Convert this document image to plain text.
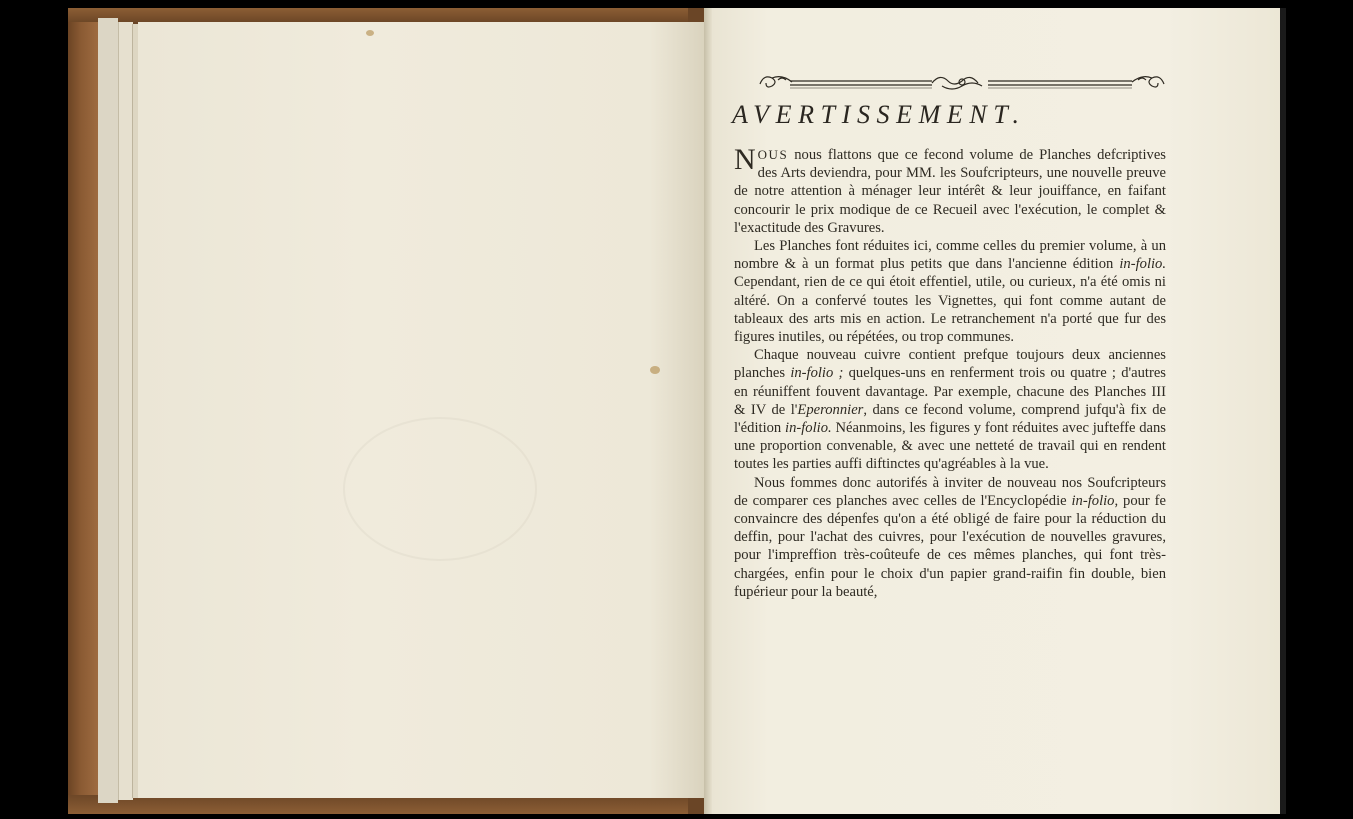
AVERTISSEMENT.

NOUS nous flattons que ce fecond volume de Planches defcriptives des Arts deviendra, pour MM. les Soufcripteurs, une nouvelle preuve de notre attention à ménager leur intérêt & leur jouiffance, en faifant concourir le prix modique de ce Recueil avec l'exécution, le complet & l'exactitude des Gravures.

Les Planches font réduites ici, comme celles du premier volume, à un nombre & à un format plus petits que dans l'ancienne édition in-folio. Cependant, rien de ce qui étoit effentiel, utile, ou curieux, n'a été omis ni altéré. On a confervé toutes les Vignettes, qui font comme autant de tableaux des arts mis en action. Le retranchement n'a porté que fur des figures inutiles, ou répétées, ou trop communes.

Chaque nouveau cuivre contient prefque toujours deux anciennes planches in-folio ; quelques-uns en renferment trois ou quatre ; d'autres en réuniffent fouvent davantage. Par exemple, chacune des Planches III & IV de l'Eperonnier, dans ce fecond volume, comprend jufqu'à fix de l'édition in-folio. Néanmoins, les figures y font réduites avec jufteffe dans une proportion convenable, & avec une netteté de travail qui en rendent toutes les parties auffi diftinctes qu'agréables à la vue.

Nous fommes donc autorifés à inviter de nouveau nos Soufcripteurs de comparer ces planches avec celles de l'Encyclopédie in-folio, pour fe convaincre des dépenfes qu'on a été obligé de faire pour la réduction du deffin, pour l'achat des cuivres, pour l'exécution de nouvelles gravures, pour l'impreffion très-coûteufe de ces mêmes planches, qui font très-chargées, enfin pour le choix d'un papier grand-raifin fin double, bien fupérieur pour la beauté,
